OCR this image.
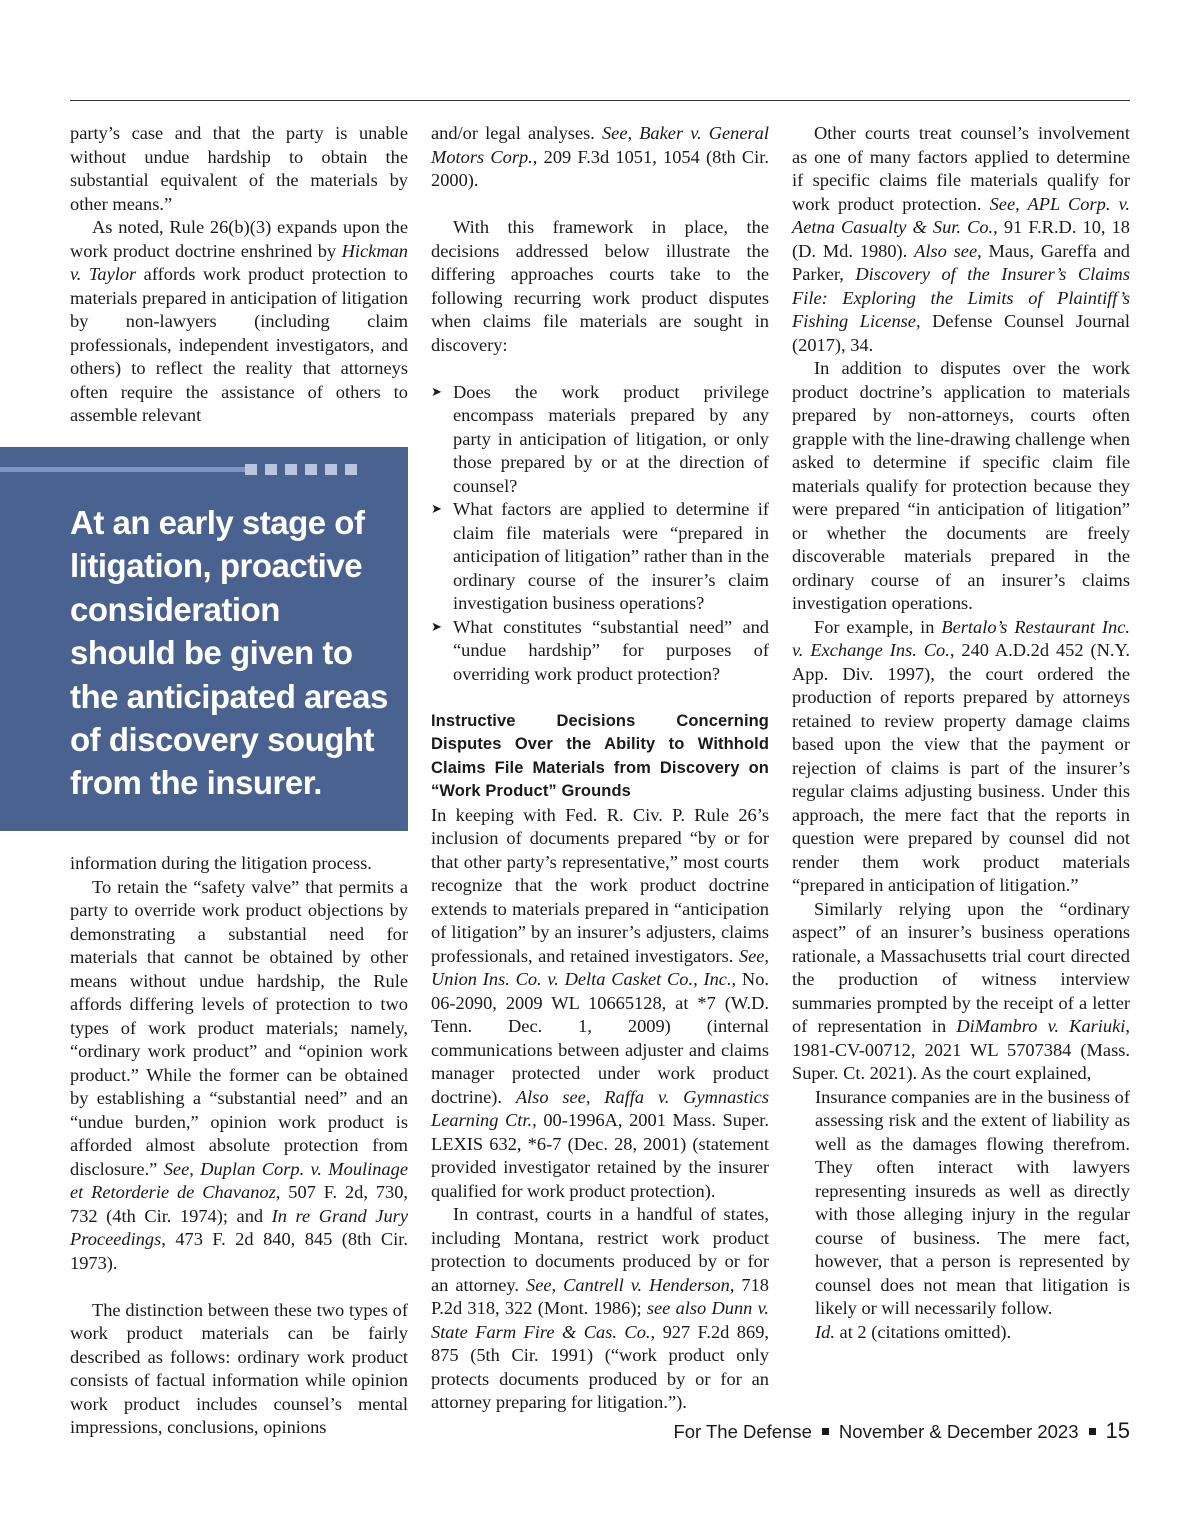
party’s case and that the party is unable without undue hardship to obtain the substantial equivalent of the materials by other means.”

As noted, Rule 26(b)(3) expands upon the work product doctrine enshrined by Hickman v. Taylor affords work product protection to materials prepared in anticipation of litigation by non-lawyers (including claim professionals, independent investigators, and others) to reflect the reality that attorneys often require the assistance of others to assemble relevant

At an early stage of litigation, proactive consideration should be given to the anticipated areas of discovery sought from the insurer.

information during the litigation process.

To retain the “safety valve” that permits a party to override work product objections by demonstrating a substantial need for materials that cannot be obtained by other means without undue hardship, the Rule affords differing levels of protection to two types of work product materials; namely, “ordinary work product” and “opinion work product.” While the former can be obtained by establishing a “substantial need” and an “undue burden,” opinion work product is afforded almost absolute protection from disclosure.” See, Duplan Corp. v. Moulinage et Retorderie de Chavanoz, 507 F. 2d, 730, 732 (4th Cir. 1974); and In re Grand Jury Proceedings, 473 F. 2d 840, 845 (8th Cir. 1973).

The distinction between these two types of work product materials can be fairly described as follows: ordinary work product consists of factual information while opinion work product includes counsel’s mental impressions, conclusions, opinions

and/or legal analyses. See, Baker v. General Motors Corp., 209 F.3d 1051, 1054 (8th Cir. 2000).

With this framework in place, the decisions addressed below illustrate the differing approaches courts take to the following recurring work product disputes when claims file materials are sought in discovery:

➤ Does the work product privilege encompass materials prepared by any party in anticipation of litigation, or only those prepared by or at the direction of counsel?
➤ What factors are applied to determine if claim file materials were “prepared in anticipation of litigation” rather than in the ordinary course of the insurer’s claim investigation business operations?
➤ What constitutes “substantial need” and “undue hardship” for purposes of overriding work product protection?
Instructive Decisions Concerning Disputes Over the Ability to Withhold Claims File Materials from Discovery on “Work Product” Grounds

In keeping with Fed. R. Civ. P. Rule 26’s inclusion of documents prepared “by or for that other party’s representative,” most courts recognize that the work product doctrine extends to materials prepared in “anticipation of litigation” by an insurer’s adjusters, claims professionals, and retained investigators. See, Union Ins. Co. v. Delta Casket Co., Inc., No. 06-2090, 2009 WL 10665128, at *7 (W.D. Tenn. Dec. 1, 2009) (internal communications between adjuster and claims manager protected under work product doctrine). Also see, Raffa v. Gymnastics Learning Ctr., 00-1996A, 2001 Mass. Super. LEXIS 632, *6-7 (Dec. 28, 2001) (statement provided investigator retained by the insurer qualified for work product protection).

In contrast, courts in a handful of states, including Montana, restrict work product protection to documents produced by or for an attorney. See, Cantrell v. Henderson, 718 P.2d 318, 322 (Mont. 1986); see also Dunn v. State Farm Fire & Cas. Co., 927 F.2d 869, 875 (5th Cir. 1991) (“work product only protects documents produced by or for an attorney preparing for litigation.”).

Other courts treat counsel’s involvement as one of many factors applied to determine if specific claims file materials qualify for work product protection. See, APL Corp. v. Aetna Casualty & Sur. Co., 91 F.R.D. 10, 18 (D. Md. 1980). Also see, Maus, Gareffa and Parker, Discovery of the Insurer’s Claims File: Exploring the Limits of Plaintiff’s Fishing License, Defense Counsel Journal (2017), 34.

In addition to disputes over the work product doctrine’s application to materials prepared by non-attorneys, courts often grapple with the line-drawing challenge when asked to determine if specific claim file materials qualify for protection because they were prepared “in anticipation of litigation” or whether the documents are freely discoverable materials prepared in the ordinary course of an insurer’s claims investigation operations.

For example, in Bertalo’s Restaurant Inc. v. Exchange Ins. Co., 240 A.D.2d 452 (N.Y. App. Div. 1997), the court ordered the production of reports prepared by attorneys retained to review property damage claims based upon the view that the payment or rejection of claims is part of the insurer’s regular claims adjusting business. Under this approach, the mere fact that the reports in question were prepared by counsel did not render them work product materials “prepared in anticipation of litigation.”

Similarly relying upon the “ordinary aspect” of an insurer’s business operations rationale, a Massachusetts trial court directed the production of witness interview summaries prompted by the receipt of a letter of representation in DiMambro v. Kariuki, 1981-CV-00712, 2021 WL 5707384 (Mass. Super. Ct. 2021). As the court explained,

Insurance companies are in the business of assessing risk and the extent of liability as well as the damages flowing therefrom. They often interact with lawyers representing insureds as well as directly with those alleging injury in the regular course of business. The mere fact, however, that a person is represented by counsel does not mean that litigation is likely or will necessarily follow.

Id. at 2 (citations omitted).

For The Defense November & December 2023 15
